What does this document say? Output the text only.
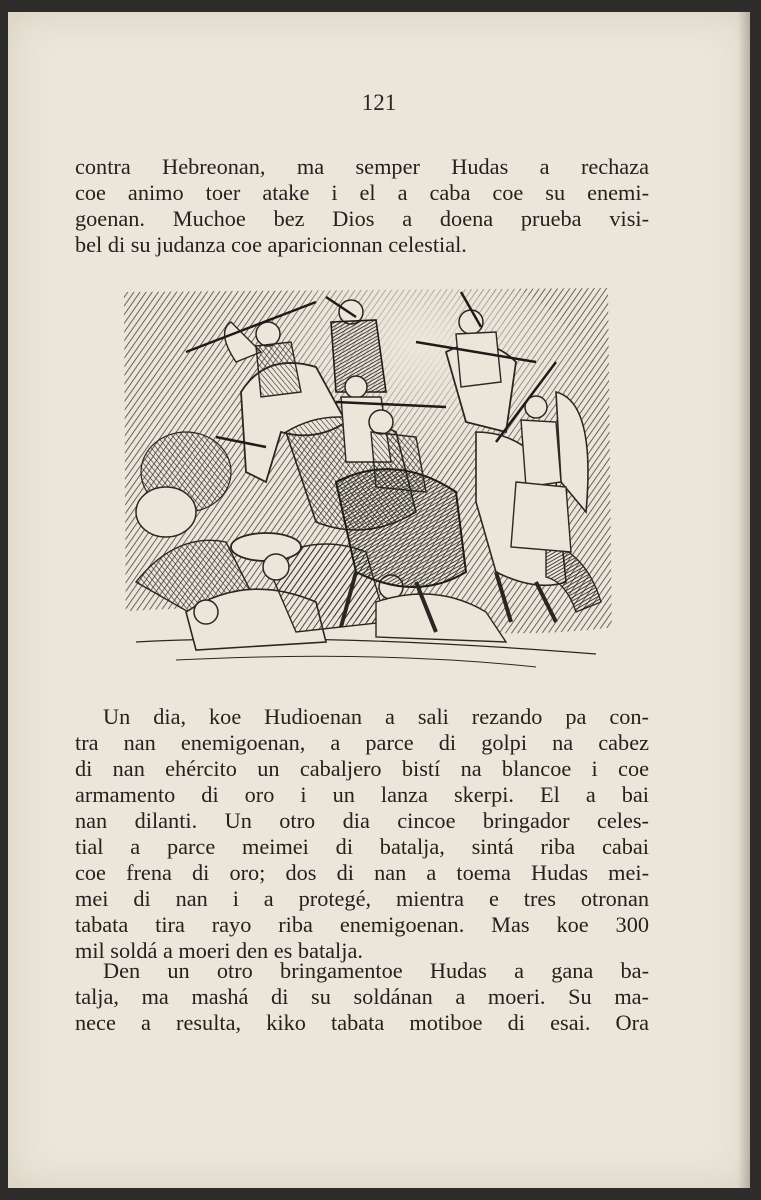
121
contra Hebreonan, ma semper Hudas a rechaza
coe animo toer atake i el a caba coe su enemi-
goenan. Muchoe bez Dios a doena prueba visi-
bel di su judanza coe aparicionnan celestial.
Un dia, koe Hudioenan a sali rezando pa con-
tra nan enemigoenan, a parce di golpi na cabez
di nan ehército un cabaljero bistí na blancoe i coe
armamento di oro i un lanza skerpi. El a bai
nan dilanti. Un otro dia cincoe bringador celes-
tial a parce meimei di batalja, sintá riba cabai
coe frena di oro; dos di nan a toema Hudas mei-
mei di nan i a protegé, mientra e tres otronan
tabata tira rayo riba enemigoenan. Mas koe 300
mil soldá a moeri den es batalja.
Den un otro bringamentoe Hudas a gana ba-
talja, ma mashá di su soldánan a moeri. Su ma-
nece a resulta, kiko tabata motiboe di esai. Ora
